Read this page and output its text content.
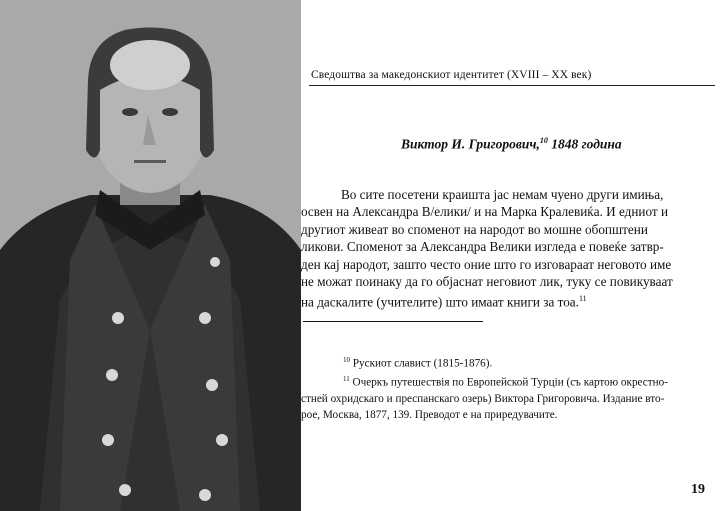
Сведоштва за македонскиот идентитет (XVIII – XX век)
Виктор И. Григорович,$^{10}$ 1848 година
Во сите посетени краишта јас немам чуено други имиња,
освен на Александра В/елики/ и на Марка Кралевиќа. И едниот и
другиот живеат во споменот на народот во мошне обопштени
ликови. Споменот за Александра Велики изгледа е повеќе затвр-
ден кај народот, зашто често оние што го изговараат неговото име
не можат поинаку да го објаснат неговиот лик, туку се повикуваат
на даскалите (учителите) што имаат книги за тоа.$^{11}$
$^{10}$ Рускиот славист (1815-1876).
$^{11}$ Очеркъ путешествiя по Европейской Турцiи (съ картою окрестно-
стней охридскаго и преспанскаго озерь) Виктора Григоровича. Издание вто-
рое, Москва, 1877, 139. Преводот е на приредувачите.
19
